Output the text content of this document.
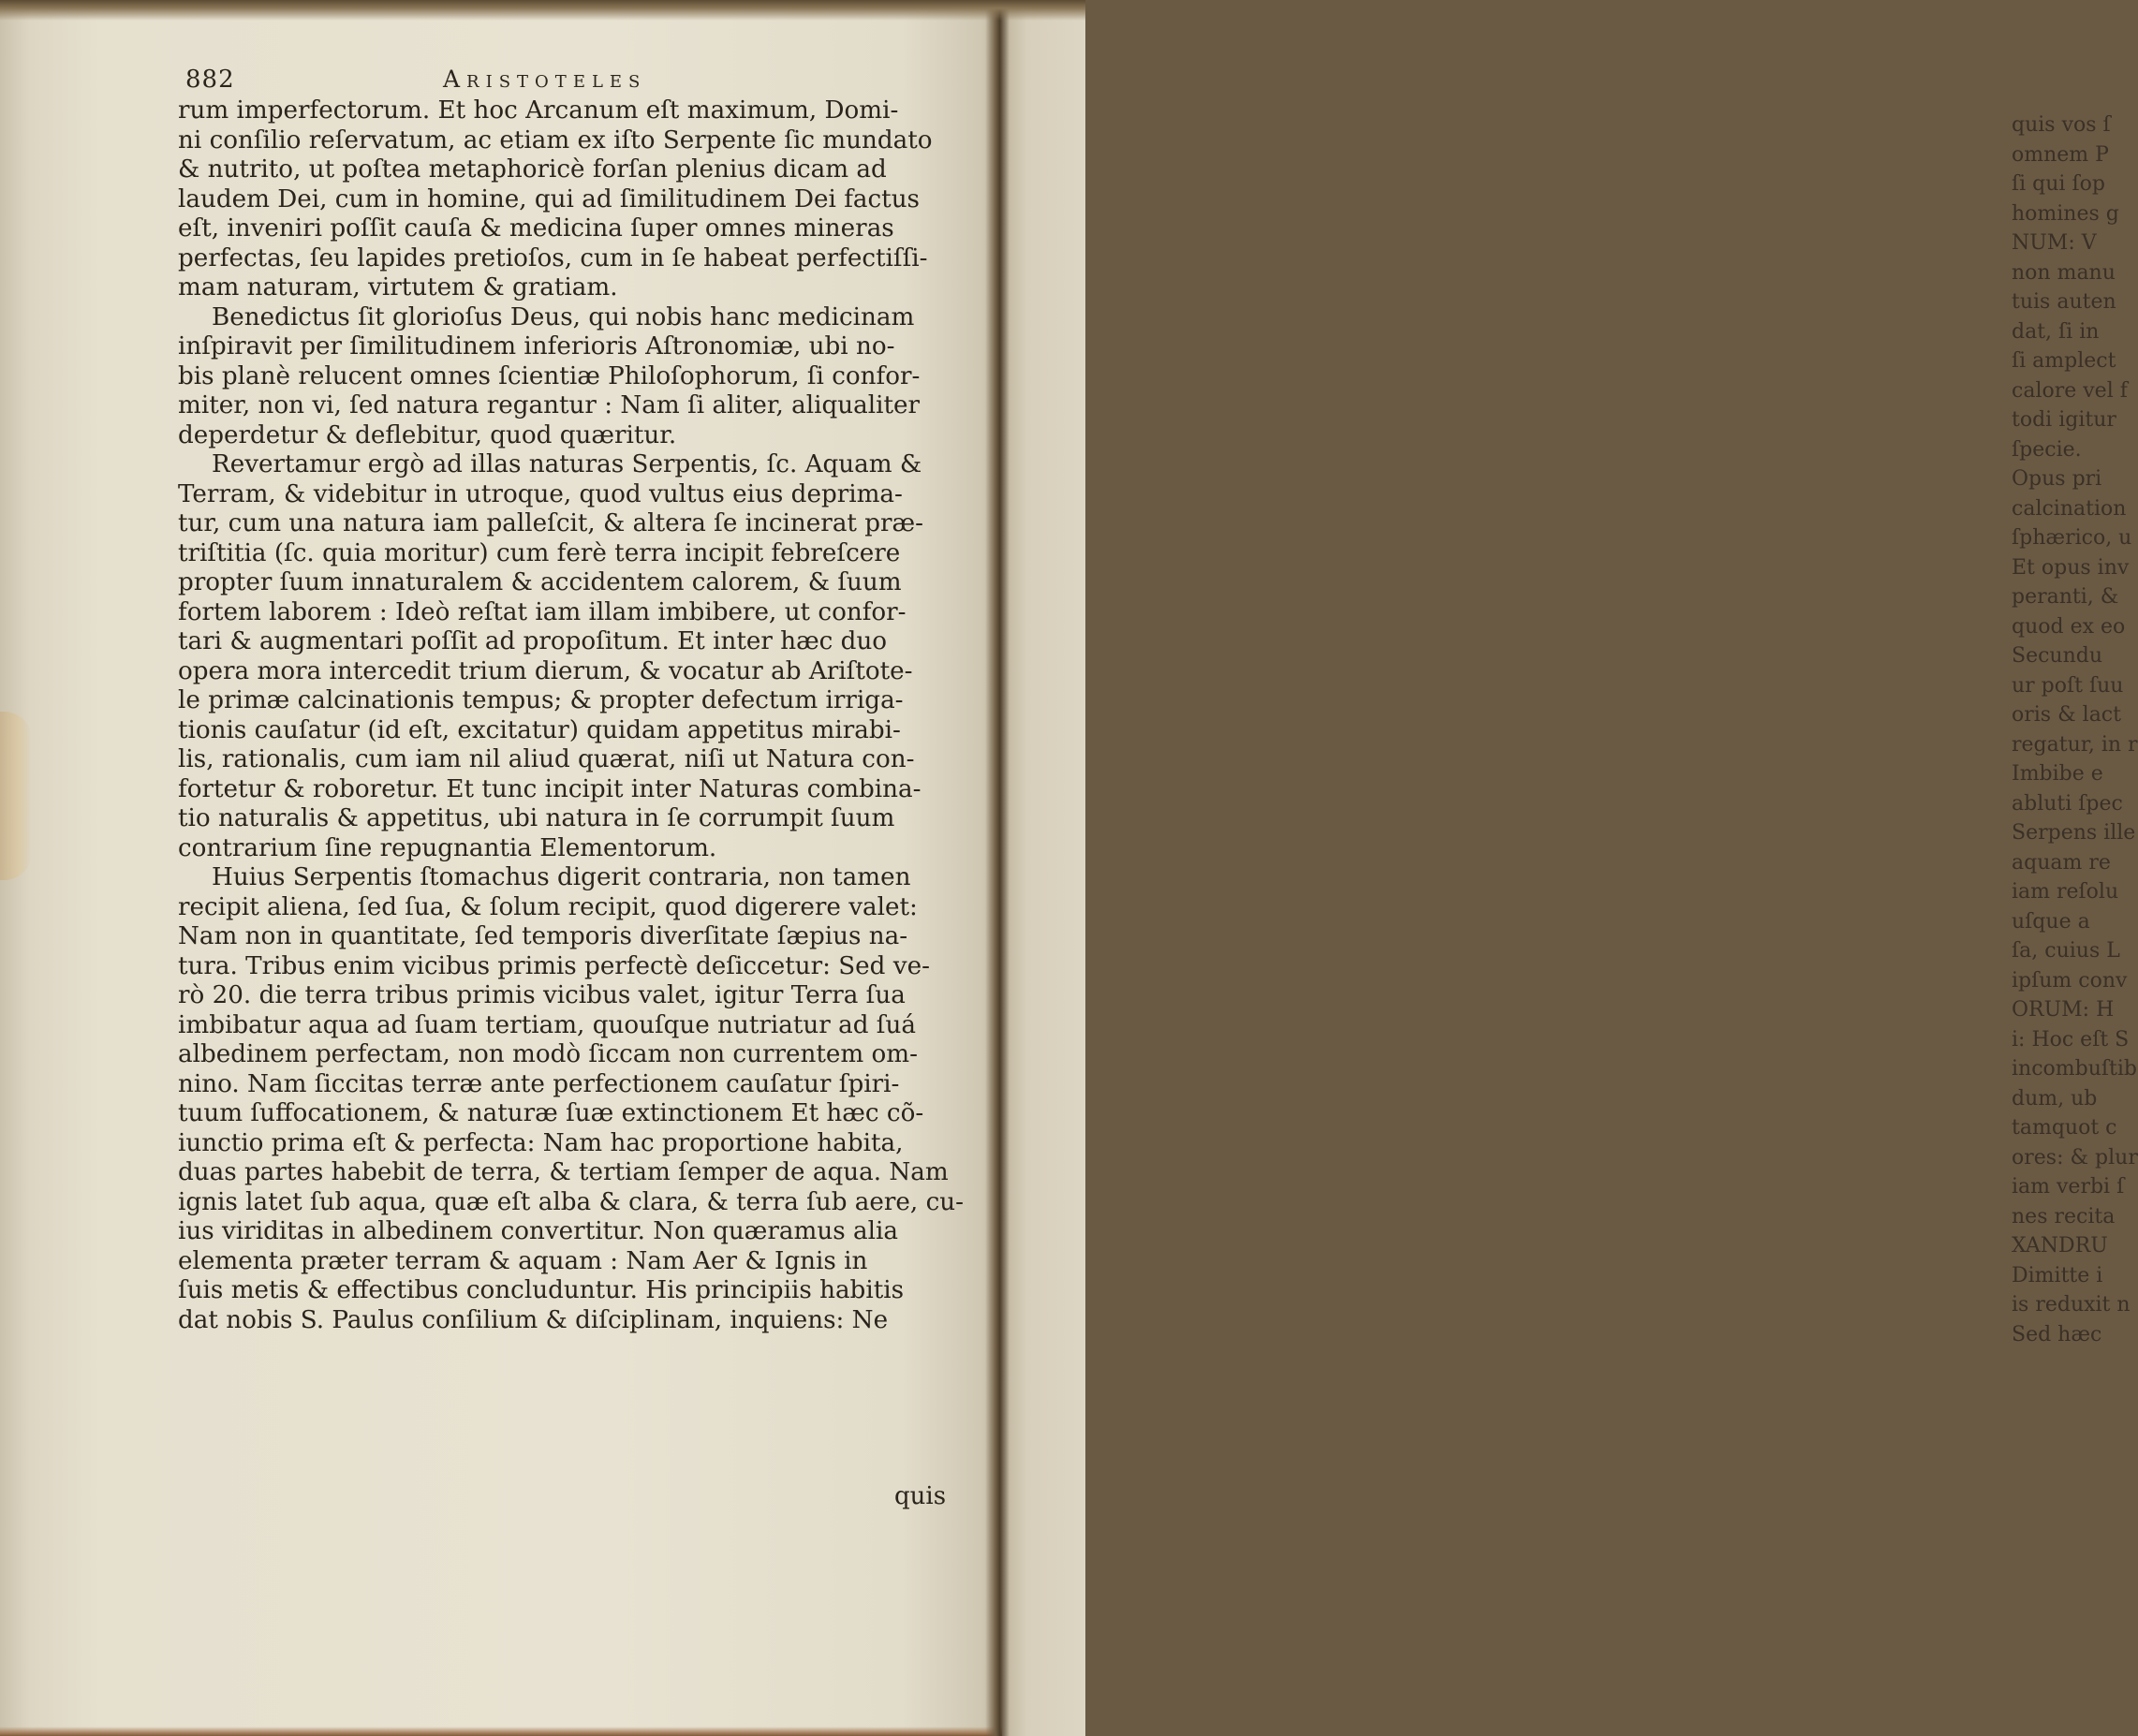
882	Aristoteles
rum imperfectorum. Et hoc Arcanum eſt maximum, Domi-
ni conſilio reſervatum, ac etiam ex iſto Serpente ſic mundato
& nutrito, ut poſtea metaphoricè forſan plenius dicam ad
laudem Dei, cum in homine, qui ad ſimilitudinem Dei factus
eſt, inveniri poſſit cauſa & medicina ſuper omnes mineras
perfectas, ſeu lapides pretioſos, cum in ſe habeat perfectiſſi-
mam naturam, virtutem & gratiam.
Benedictus ſit glorioſus Deus, qui nobis hanc medicinam
inſpiravit per ſimilitudinem inferioris Aſtronomiæ, ubi no-
bis planè relucent omnes ſcientiæ Philoſophorum, ſi confor-
miter, non vi, ſed natura regantur : Nam ſi aliter, aliqualiter
deperdetur & deflebitur, quod quæritur.
Revertamur ergò ad illas naturas Serpentis, ſc. Aquam &
Terram, & videbitur in utroque, quod vultus eius deprima-
tur, cum una natura iam palleſcit, & altera ſe incinerat præ-
triſtitia (ſc. quia moritur) cum ferè terra incipit febreſcere
propter ſuum innaturalem & accidentem calorem, & ſuum
fortem laborem : Ideò reſtat iam illam imbibere, ut confor-
tari & augmentari poſſit ad propoſitum. Et inter hæc duo
opera mora intercedit trium dierum, & vocatur ab Ariſtote-
le primæ calcinationis tempus; & propter defectum irriga-
tionis cauſatur (id eſt, excitatur) quidam appetitus mirabi-
lis, rationalis, cum iam nil aliud quærat, niſi ut Natura con-
fortetur & roboretur. Et tunc incipit inter Naturas combina-
tio naturalis & appetitus, ubi natura in ſe corrumpit ſuum
contrarium ſine repugnantia Elementorum.
Huius Serpentis ſtomachus digerit contraria, non tamen
recipit aliena, ſed ſua, & ſolum recipit, quod digerere valet:
Nam non in quantitate, ſed temporis diverſitate ſæpius na-
tura. Tribus enim vicibus primis perfectè deſiccetur: Sed ve-
rò 20. die terra tribus primis vicibus valet, igitur Terra ſua
imbibatur aqua ad ſuam tertiam, quouſque nutriatur ad ſuá
albedinem perfectam, non modò ſiccam non currentem om-
nino. Nam ſiccitas terræ ante perfectionem cauſatur ſpiri-
tuum ſuffocationem, & naturæ ſuæ extinctionem Et hæc cõ-
iunctio prima eſt & perfecta: Nam hac proportione habita,
duas partes habebit de terra, & tertiam ſemper de aqua. Nam
ignis latet ſub aqua, quæ eſt alba & clara, & terra ſub aere, cu-
ius viriditas in albedinem convertitur. Non quæramus alia
elementa præter terram & aquam : Nam Aer & Ignis in
ſuis metis & effectibus concluduntur. His principiis habitis
dat nobis S. Paulus conſilium & diſciplinam, inquiens: Ne
quis
quis vos ſ
omnem P
ſi qui ſop
homines g
NUM: V
non manu
tuis auten
dat, ſi in
ſi amplect
calore vel f
todi igitur
ſpecie.
Opus pri
calcination
ſphærico, u
Et opus inv
perantі, &
quod ex eo
Secundu
ur poſt ſuu
oris & lact
regatur, in r
Imbibe e
abluti ſpec
Serpens ille
aquam re
iam reſolu
uſque a
ſa, cuius L
ipſum conv
ORUM: H
i: Hoc eſt S
incombuſtib
dum, ub
tamquot c
ores: & plur
iam verbi ſ
nes recita
XANDRU
Dimitte i
is reduxit n
Sed hæc
